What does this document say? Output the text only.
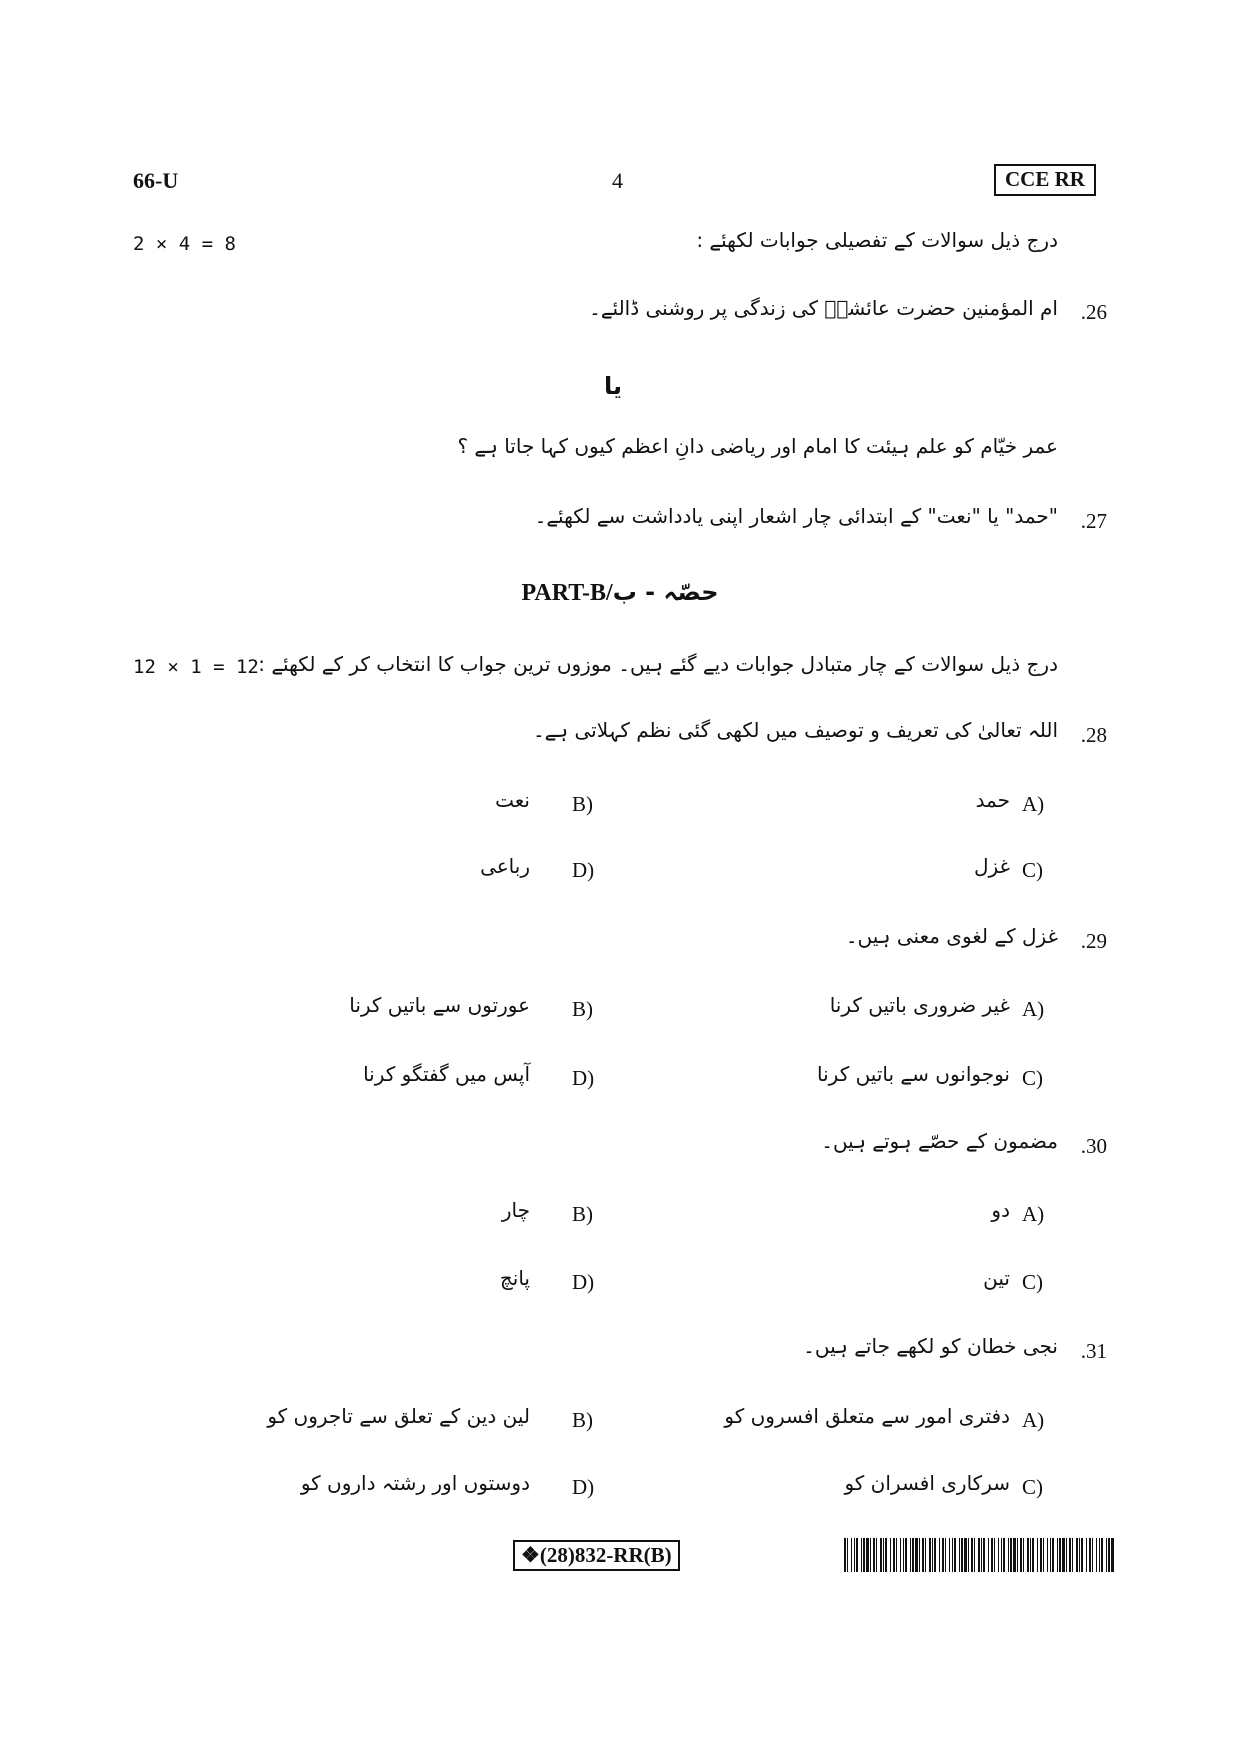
66-U	4	CCE RR
2 × 4 = 8	درج ذیل سوالات کے تفصیلی جوابات لکھئے :
.26
ام المؤمنین حضرت عائشہؓ کی زندگی پر روشنی ڈالئے۔
یا
عمر خیّام کو علم ہیئت کا امام اور ریاضی دانِ اعظم کیوں کہا جاتا ہے ؟
.27
"حمد" یا "نعت" کے ابتدائی چار اشعار اپنی یادداشت سے لکھئے۔
PART-B/حصّہ - ب
12 × 1 = 12 درج ذیل سوالات کے چار متبادل جوابات دیے گئے ہیں۔ موزوں ترین جواب کا انتخاب کر کے لکھئے :
.28
اللہ تعالیٰ کی تعریف و توصیف میں لکھی گئی نظم کہلاتی ہے۔
A)
حمد
B)
نعت
C)
غزل
D)
رباعی
.29
غزل کے لغوی معنی ہیں۔
A)
غیر ضروری باتیں کرنا
B)
عورتوں سے باتیں کرنا
C)
نوجوانوں سے باتیں کرنا
D)
آپس میں گفتگو کرنا
.30
مضمون کے حصّے ہوتے ہیں۔
A)
دو
B)
چار
C)
تین
D)
پانچ
.31
نجی خطان کو لکھے جاتے ہیں۔
A)
دفتری امور سے متعلق افسروں کو
B)
لین دین کے تعلق سے تاجروں کو
C)
سرکاری افسران کو
D)
دوستوں اور رشتہ داروں کو
❖(28)832-RR(B)
